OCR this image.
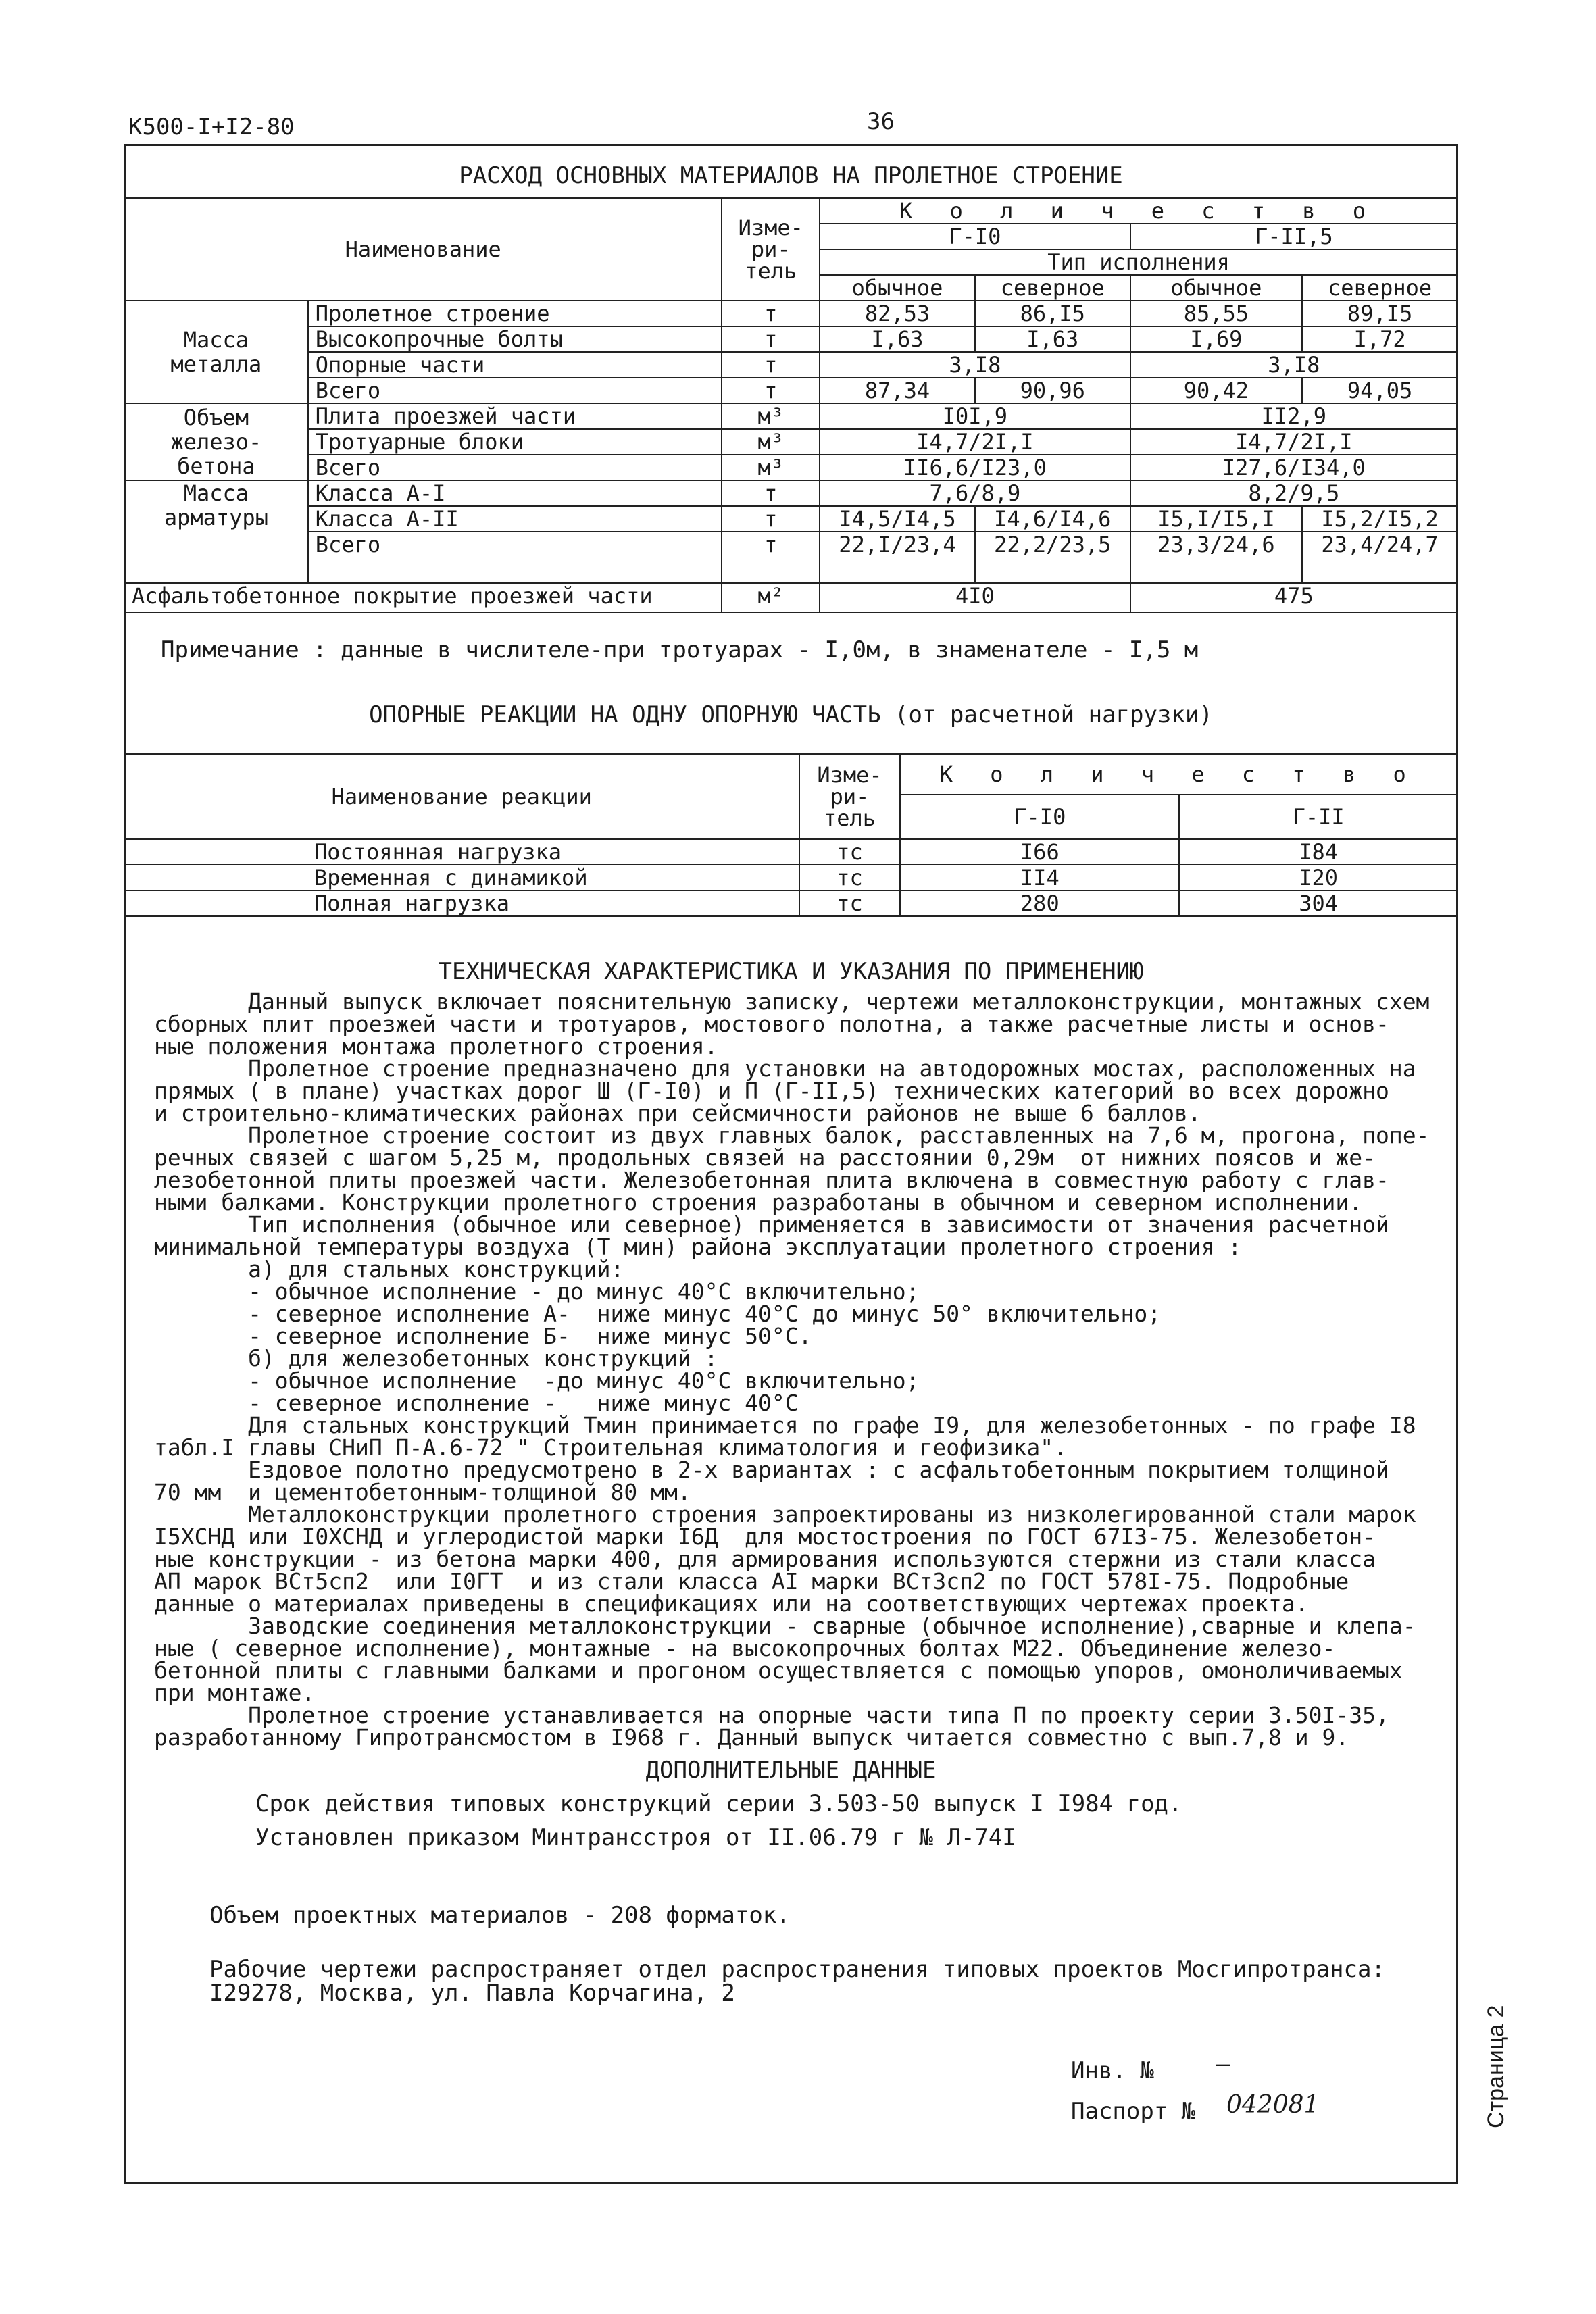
К500-I+I2-80	36
РАСХОД ОСНОВНЫХ МАТЕРИАЛОВ НА ПРОЛЕТНОЕ СТРОЕНИЕ
Наименование		Изме-
ри-
тель	К о л и ч е с т в о			
			Г-I0		Г-II,5	
			Тип исполнения			
			обычное	северное	обычное	северное
Масса
металла	Пролетное строение	т	82,53	86,I5	85,55	89,I5
	Высокопрочные болты	т	I,63	I,63	I,69	I,72
	Опорные части	т	3,I8		3,I8	
	Всего	т	87,34	90,96	90,42	94,05
Объем
железо-
бетона	Плита проезжей части	м³	I0I,9		II2,9	
	Тротуарные блоки	м³	I4,7/2I,I		I4,7/2I,I	
	Всего	м³	II6,6/I23,0		I27,6/I34,0	
Масса
арматуры	Класса А-I	т	7,6/8,9		8,2/9,5	
	Класса А-II	т	I4,5/I4,5	I4,6/I4,6	I5,I/I5,I	I5,2/I5,2
	Всего	т	22,I/23,4	22,2/23,5	23,3/24,6	23,4/24,7
Асфальтобетонное покрытие проезжей части		м²	4I0		475	
Примечание : данные в числителе-при тротуарах - I,0м, в знаменателе - I,5 м
ОПОРНЫЕ РЕАКЦИИ НА ОДНУ ОПОРНУЮ ЧАСТЬ (от расчетной нагрузки)
Наименование реакции	Изме-
ри-
тель	К о л и ч е с т в о	
		Г-I0	Г-II
Постоянная нагрузка	тс	I66	I84
Временная с динамикой	тс	II4	I20
Полная нагрузка	тс	280	304
ТЕХНИЧЕСКАЯ ХАРАКТЕРИСТИКА И УКАЗАНИЯ ПО ПРИМЕНЕНИЮ
Данный выпуск включает пояснительную записку, чертежи металлоконструкции, монтажных схем
сборных плит проезжей части и тротуаров, мостового полотна, а также расчетные листы и основ-
ные положения монтажа пролетного строения.
Пролетное строение предназначено для установки на автодорожных мостах, расположенных на
прямых ( в плане) участках дорог Ш (Г-I0) и П (Г-II,5) технических категорий во всех дорожно
и строительно-климатических районах при сейсмичности районов не выше 6 баллов.
Пролетное строение состоит из двух главных балок, расставленных на 7,6 м, прогона, попе-
речных связей с шагом 5,25 м, продольных связей на расстоянии 0,29м  от нижних поясов и же-
лезобетонной плиты проезжей части. Железобетонная плита включена в совместную работу с глав-
ными балками. Конструкции пролетного строения разработаны в обычном и северном исполнении.
Тип исполнения (обычное или северное) применяется в зависимости от значения расчетной
минимальной температуры воздуха (Т мин) района эксплуатации пролетного строения :
а) для стальных конструкций:
- обычное исполнение - до минус 40°С включительно;
- северное исполнение А-  ниже минус 40°С до минус 50° включительно;
- северное исполнение Б-  ниже минус 50°С.
б) для железобетонных конструкций :
- обычное исполнение  -до минус 40°С включительно;
- северное исполнение -   ниже минус 40°С
Для стальных конструкций Тмин принимается по графе I9, для железобетонных - по графе I8
табл.I главы СНиП П-А.6-72 " Строительная климатология и геофизика".
Ездовое полотно предусмотрено в 2-х вариантах : с асфальтобетонным покрытием толщиной
70 мм  и цементобетонным-толщиной 80 мм.
Металлоконструкции пролетного строения запроектированы из низколегированной стали марок
I5ХСНД или I0ХСНД и углеродистой марки I6Д  для мостостроения по ГОСТ 67I3-75. Железобетон-
ные конструкции - из бетона марки 400, для армирования используются стержни из стали класса
АП марок ВСт5сп2  или I0ГТ  и из стали класса АI марки ВСт3сп2 по ГОСТ 578I-75. Подробные
данные о материалах приведены в спецификациях или на соответствующих чертежах проекта.
Заводские соединения металлоконструкции - сварные (обычное исполнение),сварные и клепа-
ные ( северное исполнение), монтажные - на высокопрочных болтах М22. Объединение железо-
бетонной плиты с главными балками и прогоном осуществляется с помощью упоров, омоноличиваемых
при монтаже.
Пролетное строение устанавливается на опорные части типа П по проекту серии 3.50I-35,
разработанному Гипротрансмостом в I968 г. Данный выпуск читается совместно с вып.7,8 и 9.
ДОПОЛНИТЕЛЬНЫЕ ДАННЫЕ
Срок действия типовых конструкций серии 3.503-50 выпуск I I984 год.
Установлен приказом Минтрансстроя от II.06.79 г № Л-74I
Объем проектных материалов - 208 форматок.
Рабочие чертежи распространяет отдел распространения типовых проектов Мосгипротранса:
I29278, Москва, ул. Павла Корчагина, 2
Инв. №	—
Паспорт № 042081	Страница 2
